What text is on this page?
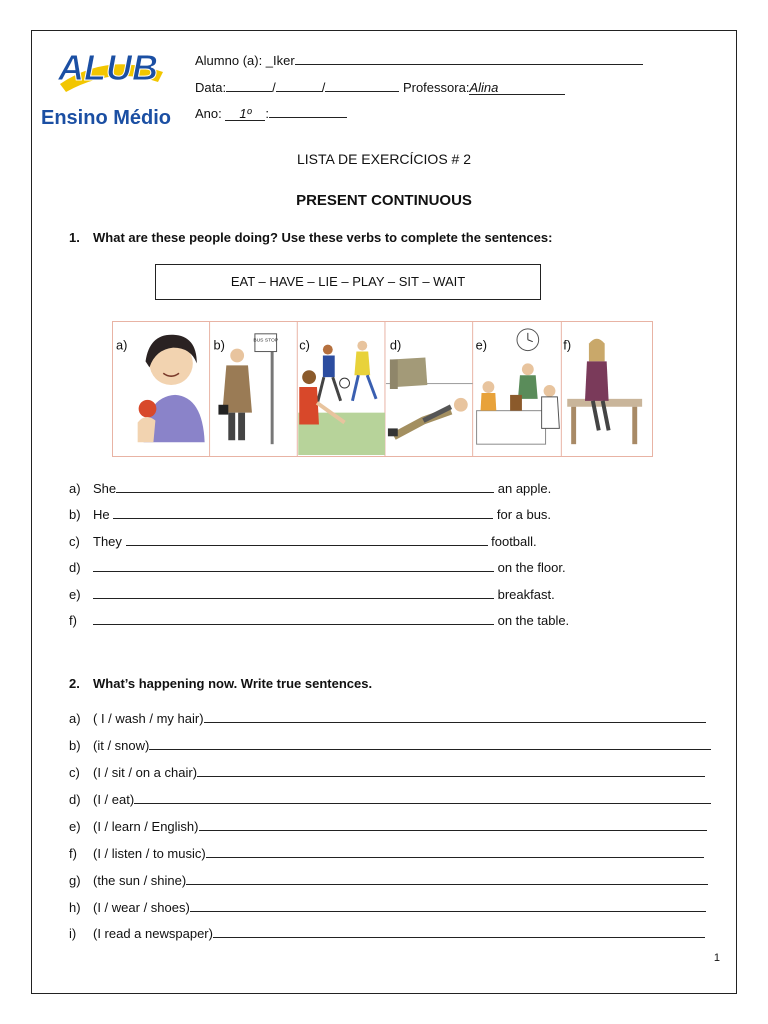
ALUB
Ensino Médio
Alumno (a): _Iker
Data:	/	/	Professora:Alina
Ano: 1º :
LISTA DE EXERCÍCIOS # 2
PRESENT CONTINUOUS
1. What are these people doing? Use these verbs to complete the sentences:
EAT – HAVE – LIE – PLAY – SIT – WAIT
BUS STOP
a)	b)	c)	d)	e)	f)
a) She	an apple.
b) He	for a bus.
c) They	football.
d)	on the floor.
e)	breakfast.
f)	on the table.
2. What’s happening now. Write true sentences.
a) ( I / wash / my hair)
b) (it / snow)
c) (I / sit / on a chair)
d) (I / eat)
e) (I / learn / English)
f) (I / listen / to music)
g) (the sun / shine)
h) (I / wear / shoes)
i) (I read a newspaper)
1
